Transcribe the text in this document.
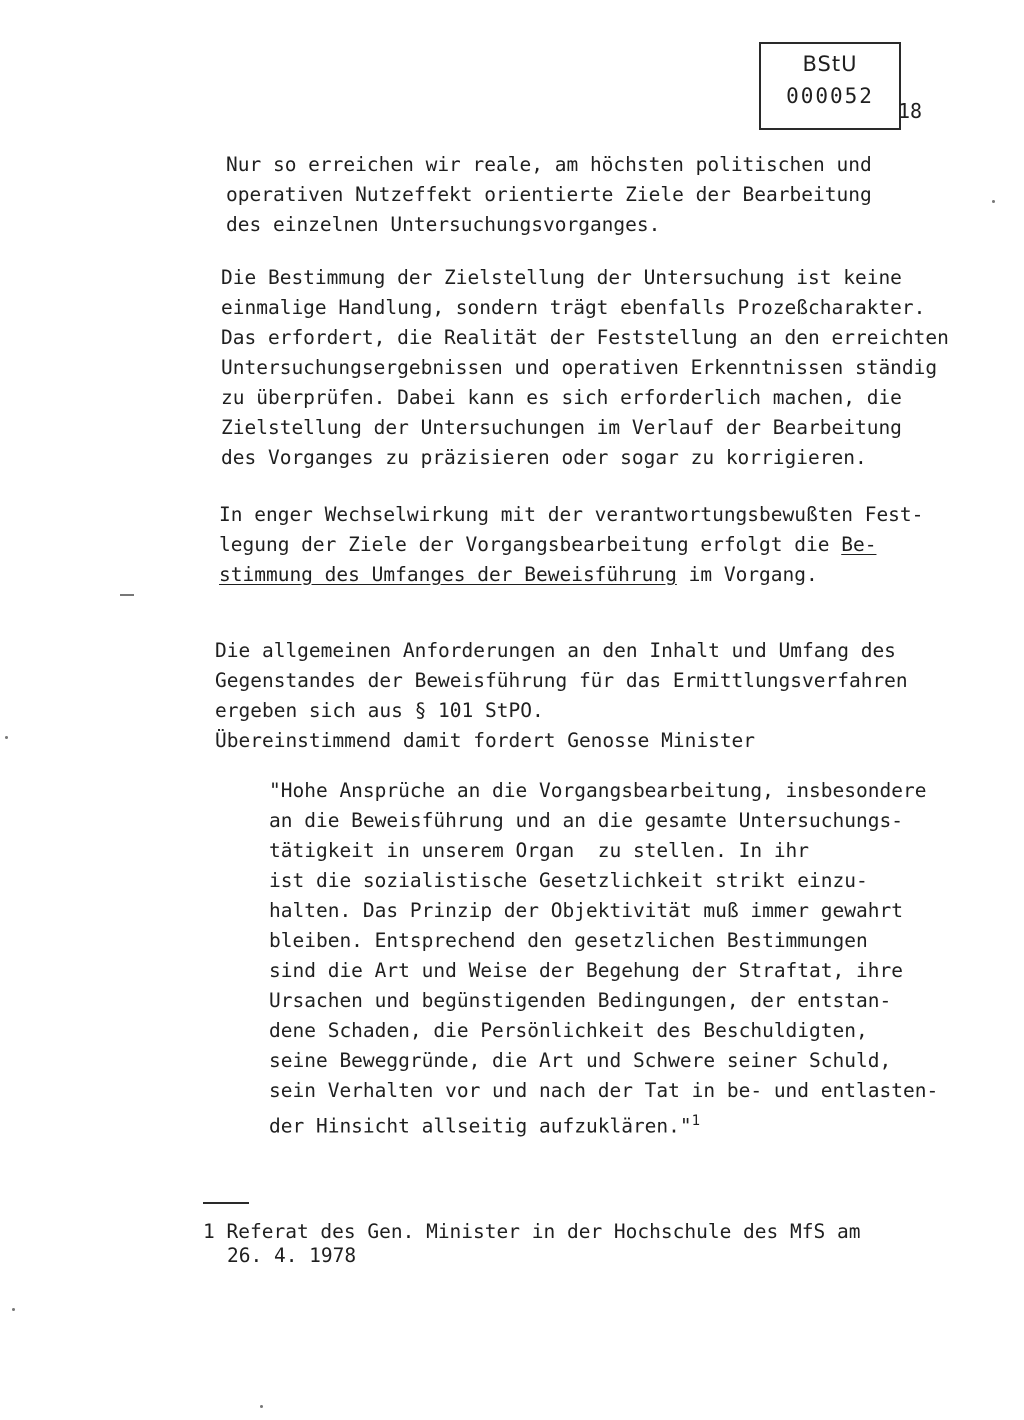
BStU
000052
18
Nur so erreichen wir reale, am höchsten politischen und
operativen Nutzeffekt orientierte Ziele der Bearbeitung
des einzelnen Untersuchungsvorganges.
Die Bestimmung der Zielstellung der Untersuchung ist keine
einmalige Handlung, sondern trägt ebenfalls Prozeßcharakter.
Das erfordert, die Realität der Feststellung an den erreichten
Untersuchungsergebnissen und operativen Erkenntnissen ständig
zu überprüfen. Dabei kann es sich erforderlich machen, die
Zielstellung der Untersuchungen im Verlauf der Bearbeitung
des Vorganges zu präzisieren oder sogar zu korrigieren.
In enger Wechselwirkung mit der verantwortungsbewußten Fest-
legung der Ziele der Vorgangsbearbeitung erfolgt die Be-
stimmung des Umfanges der Beweisführung im Vorgang.
Die allgemeinen Anforderungen an den Inhalt und Umfang des
Gegenstandes der Beweisführung für das Ermittlungsverfahren
ergeben sich aus § 101 StPO.
Übereinstimmend damit fordert Genosse Minister
"Hohe Ansprüche an die Vorgangsbearbeitung, insbesondere
an die Beweisführung und an die gesamte Untersuchungs-
tätigkeit in unserem Organ  zu stellen. In ihr
ist die sozialistische Gesetzlichkeit strikt einzu-
halten. Das Prinzip der Objektivität muß immer gewahrt
bleiben. Entsprechend den gesetzlichen Bestimmungen
sind die Art und Weise der Begehung der Straftat, ihre
Ursachen und begünstigenden Bedingungen, der entstan-
dene Schaden, die Persönlichkeit des Beschuldigten,
seine Beweggründe, die Art und Schwere seiner Schuld,
sein Verhalten vor und nach der Tat in be- und entlasten-
der Hinsicht allseitig aufzuklären."$^1$
1 Referat des Gen. Minister in der Hochschule des MfS am
26. 4. 1978
